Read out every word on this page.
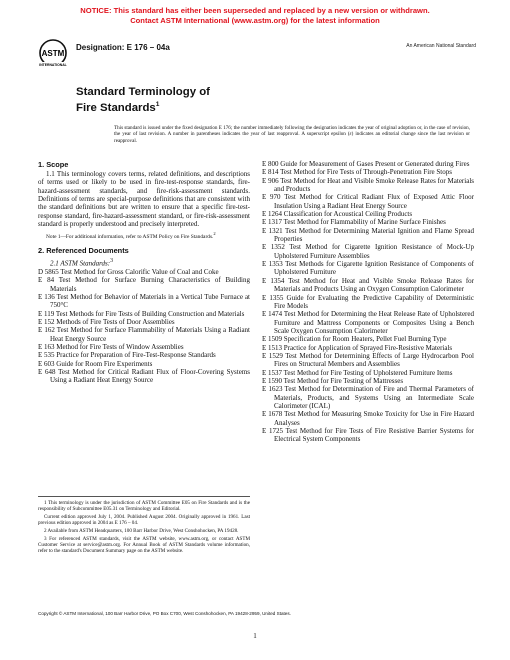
NOTICE: This standard has either been superseded and replaced by a new version or withdrawn.
Contact ASTM International (www.astm.org) for the latest information
ASTM
INTERNATIONAL
Designation: E 176 – 04a	An American National Standard
Standard Terminology of
Fire Standards$^1$
This standard is issued under the fixed designation E 176; the number immediately following the designation indicates the year of original adoption or, in the case of revision, the year of last revision. A number in parentheses indicates the year of last reapproval. A superscript epsilon (ε) indicates an editorial change since the last revision or reapproval.
1. Scope

1.1 This terminology covers terms, related definitions, and descriptions of terms used or likely to be used in fire-test-response standards, fire-hazard-assessment standards, and fire-risk-assessment standards. Definitions of terms are special-purpose definitions that are consistent with the standard definitions but are written to ensure that a specific fire-test-response standard, fire-hazard-assessment standard, or fire-risk-assessment standard is properly understood and precisely interpreted.

Note 1—For additional information, refer to ASTM Policy on Fire Standards.$^2$

2. Referenced Documents
2.1 ASTM Standards:$^3$

D 5865 Test Method for Gross Calorific Value of Coal and Coke

E 84 Test Method for Surface Burning Characteristics of Building Materials

E 136 Test Method for Behavior of Materials in a Vertical Tube Furnace at 750°C

E 119 Test Methods for Fire Tests of Building Construction and Materials

E 152 Methods of Fire Tests of Door Assemblies

E 162 Test Method for Surface Flammability of Materials Using a Radiant Heat Energy Source

E 163 Method for Fire Tests of Window Assemblies

E 535 Practice for Preparation of Fire-Test-Response Standards

E 603 Guide for Room Fire Experiments

E 648 Test Method for Critical Radiant Flux of Floor-Covering Systems Using a Radiant Heat Energy Source

E 800 Guide for Measurement of Gases Present or Generated during Fires

E 814 Test Method for Fire Tests of Through-Penetration Fire Stops

E 906 Test Method for Heat and Visible Smoke Release Rates for Materials and Products

E 970 Test Method for Critical Radiant Flux of Exposed Attic Floor Insulation Using a Radiant Heat Energy Source

E 1264 Classification for Acoustical Ceiling Products

E 1317 Test Method for Flammability of Marine Surface Finishes

E 1321 Test Method for Determining Material Ignition and Flame Spread Properties

E 1352 Test Method for Cigarette Ignition Resistance of Mock-Up Upholstered Furniture Assemblies

E 1353 Test Methods for Cigarette Ignition Resistance of Components of Upholstered Furniture

E 1354 Test Method for Heat and Visible Smoke Release Rates for Materials and Products Using an Oxygen Consumption Calorimeter

E 1355 Guide for Evaluating the Predictive Capability of Deterministic Fire Models

E 1474 Test Method for Determining the Heat Release Rate of Upholstered Furniture and Mattress Components or Composites Using a Bench Scale Oxygen Consumption Calorimeter

E 1509 Specification for Room Heaters, Pellet Fuel Burning Type

E 1513 Practice for Application of Sprayed Fire-Resistive Materials

E 1529 Test Method for Determining Effects of Large Hydrocarbon Pool Fires on Structural Members and Assemblies

E 1537 Test Method for Fire Testing of Upholstered Furniture Items

E 1590 Test Method for Fire Testing of Mattresses

E 1623 Test Method for Determination of Fire and Thermal Parameters of Materials, Products, and Systems Using an Intermediate Scale Calorimeter (ICAL)

E 1678 Test Method for Measuring Smoke Toxicity for Use in Fire Hazard Analyses

E 1725 Test Method for Fire Tests of Fire Resistive Barrier Systems for Electrical System Components

1 This terminology is under the jurisdiction of ASTM Committee E05 on Fire Standards and is the responsibility of Subcommittee E05.31 on Terminology and Editorial.

Current edition approved July 1, 2004. Published August 2004. Originally approved in 1961. Last previous edition approved in 2004 as E 176 – 04.

2 Available from ASTM Headquarters, 100 Barr Harbor Drive, West Conshohocken, PA 19428.

3 For referenced ASTM standards, visit the ASTM website, www.astm.org, or contact ASTM Customer Service at service@astm.org. For Annual Book of ASTM Standards volume information, refer to the standard's Document Summary page on the ASTM website.

Copyright © ASTM International, 100 Barr Harbor Drive, PO Box C700, West Conshohocken, PA 19428-2959, United States.
1
